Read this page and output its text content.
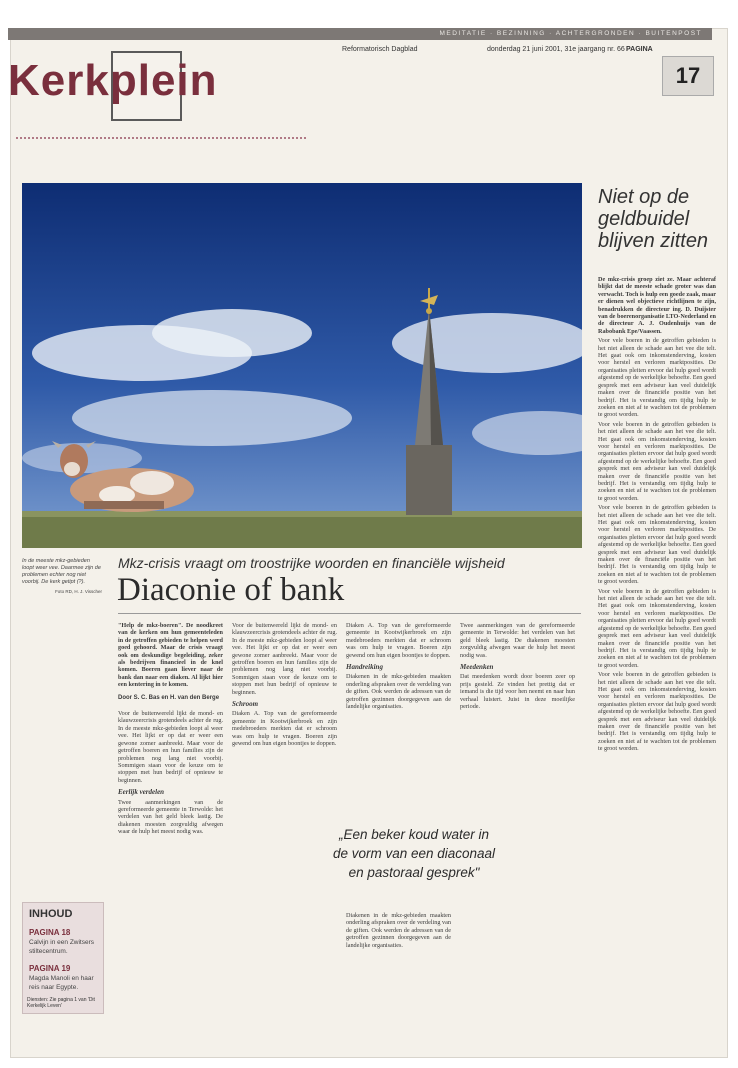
MEDITATIE · BEZINNING · ACHTERGRONDEN · BUITENPOST
Kerkplein
Reformatorisch Dagblad	donderdag 21 juni 2001, 31e jaargang nr. 66 PAGINA
17
In de meeste mkz-gebieden loopt weer vee. Daarmee zijn de problemen echter nog niet voorbij. De kerk getipt (?).
Foto RD, H. J. Visscher
Mkz-crisis vraagt om troostrijke woorden en financiële wijsheid
Diaconie of bank

"Help de mkz-boeren". De noodkreet van de kerken om hun gemeenteleden in de getroffen gebieden te helpen werd goed gehoord. Maar de crisis vraagt ook om deskundige begeleiding, zeker als bedrijven financieel in de knel komen. Boeren gaan liever naar de bank dan naar een diaken. Al lijkt hier een kentering in te komen.

Door S. C. Bas en H. van den Berge

Voor de buitenwereld lijkt de mond- en klauwzeercrisis grotendeels achter de rug. In de meeste mkz-gebieden loopt al weer vee. Het lijkt er op dat er weer een gewone zomer aanbreekt. Maar voor de getroffen boeren en hun families zijn de problemen nog lang niet voorbij. Sommigen staan voor de keuze om te stoppen met hun bedrijf of opnieuw te beginnen.

Eerlijk verdelen

Twee aanmerkingen van de gereformeerde gemeente in Terwolde: het verdelen van het geld bleek lastig. De diakenen moesten zorgvuldig afwegen waar de hulp het meest nodig was.

Voor de buitenwereld lijkt de mond- en klauwzeercrisis grotendeels achter de rug. In de meeste mkz-gebieden loopt al weer vee. Het lijkt er op dat er weer een gewone zomer aanbreekt. Maar voor de getroffen boeren en hun families zijn de problemen nog lang niet voorbij. Sommigen staan voor de keuze om te stoppen met hun bedrijf of opnieuw te beginnen.

Schroom

Diaken A. Top van de gereformeerde gemeente in Kootwijkerbroek en zijn medebroeders merkten dat er schroom was om hulp te vragen. Boeren zijn gewend om hun eigen boontjes te doppen.

Diaken A. Top van de gereformeerde gemeente in Kootwijkerbroek en zijn medebroeders merkten dat er schroom was om hulp te vragen. Boeren zijn gewend om hun eigen boontjes te doppen.

Handreiking

Diakenen in de mkz-gebieden maakten onderling afspraken over de verdeling van de giften. Ook werden de adressen van de getroffen gezinnen doorgegeven aan de landelijke organisaties.

„Een beker koud water in de vorm van een diaconaal en pastoraal gesprek"

Diakenen in de mkz-gebieden maakten onderling afspraken over de verdeling van de giften. Ook werden de adressen van de getroffen gezinnen doorgegeven aan de landelijke organisaties.

Twee aanmerkingen van de gereformeerde gemeente in Terwolde: het verdelen van het geld bleek lastig. De diakenen moesten zorgvuldig afwegen waar de hulp het meest nodig was.

Meedenken

Dat meedenken wordt door boeren zeer op prijs gesteld. Ze vinden het prettig dat er iemand is die tijd voor hen neemt en naar hun verhaal luistert. Juist in deze moeilijke periode.

Niet op de geldbuidel blijven zitten

De mkz-crisis groep ziet ze. Maar achteraf blijkt dat de meeste schade groter was dan verwacht. Toch is hulp een goede zaak, maar er dienen wel objectieve richtlijnen te zijn, benadrukken de directeur ing. D. Duijster van de boerenorganisatie LTO-Nederland en de directeur A. J. Oudenhuijs van de Rabobank Epe/Vaassen.

Voor vele boeren in de getroffen gebieden is het niet alleen de schade aan het vee die telt. Het gaat ook om inkomstenderving, kosten voor herstel en verloren marktposities. De organisaties pleiten ervoor dat hulp goed wordt afgestemd op de werkelijke behoefte. Een goed gesprek met een adviseur kan veel duidelijk maken over de financiële positie van het bedrijf. Het is verstandig om tijdig hulp te zoeken en niet af te wachten tot de problemen te groot worden.

Voor vele boeren in de getroffen gebieden is het niet alleen de schade aan het vee die telt. Het gaat ook om inkomstenderving, kosten voor herstel en verloren marktposities. De organisaties pleiten ervoor dat hulp goed wordt afgestemd op de werkelijke behoefte. Een goed gesprek met een adviseur kan veel duidelijk maken over de financiële positie van het bedrijf. Het is verstandig om tijdig hulp te zoeken en niet af te wachten tot de problemen te groot worden.

Voor vele boeren in de getroffen gebieden is het niet alleen de schade aan het vee die telt. Het gaat ook om inkomstenderving, kosten voor herstel en verloren marktposities. De organisaties pleiten ervoor dat hulp goed wordt afgestemd op de werkelijke behoefte. Een goed gesprek met een adviseur kan veel duidelijk maken over de financiële positie van het bedrijf. Het is verstandig om tijdig hulp te zoeken en niet af te wachten tot de problemen te groot worden.

Voor vele boeren in de getroffen gebieden is het niet alleen de schade aan het vee die telt. Het gaat ook om inkomstenderving, kosten voor herstel en verloren marktposities. De organisaties pleiten ervoor dat hulp goed wordt afgestemd op de werkelijke behoefte. Een goed gesprek met een adviseur kan veel duidelijk maken over de financiële positie van het bedrijf. Het is verstandig om tijdig hulp te zoeken en niet af te wachten tot de problemen te groot worden.

Voor vele boeren in de getroffen gebieden is het niet alleen de schade aan het vee die telt. Het gaat ook om inkomstenderving, kosten voor herstel en verloren marktposities. De organisaties pleiten ervoor dat hulp goed wordt afgestemd op de werkelijke behoefte. Een goed gesprek met een adviseur kan veel duidelijk maken over de financiële positie van het bedrijf. Het is verstandig om tijdig hulp te zoeken en niet af te wachten tot de problemen te groot worden.

INHOUD
PAGINA 18
Calvijn in een Zwitsers stiltecentrum.
PAGINA 19
Magda Manoli en haar reis naar Egypte.
Diensten: Zie pagina 1 van 'Dit Kerkelijk Leven'
